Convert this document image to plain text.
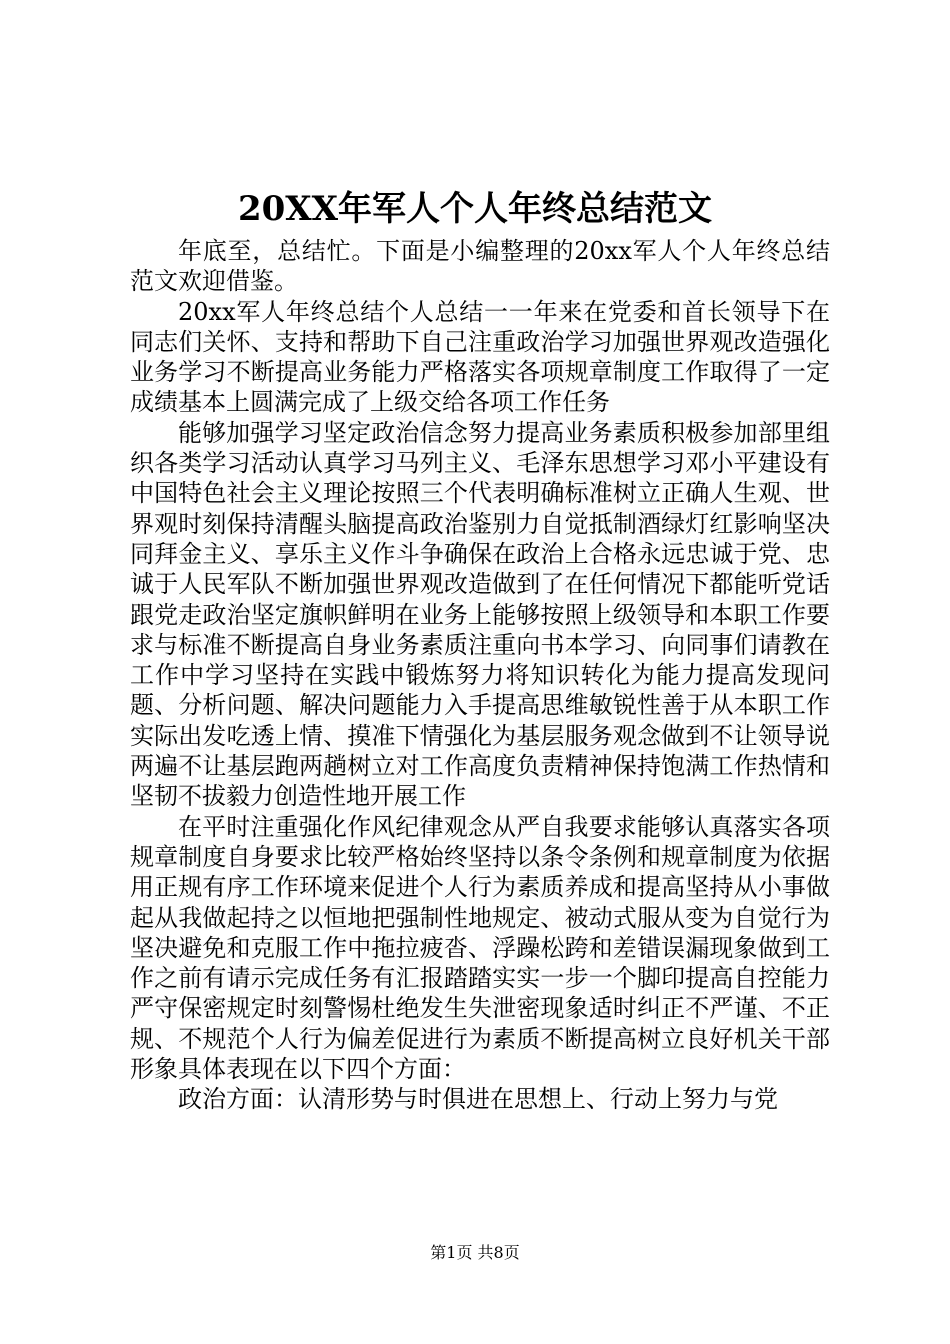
20XX年军人个人年终总结范文

年底至，总结忙。下面是小编整理的20xx军人个人年终总结范文欢迎借鉴。

20xx军人年终总结个人总结一一年来在党委和首长领导下在同志们关怀、支持和帮助下自己注重政治学习加强世界观改造强化业务学习不断提高业务能力严格落实各项规章制度工作取得了一定成绩基本上圆满完成了上级交给各项工作任务

能够加强学习坚定政治信念努力提高业务素质积极参加部里组织各类学习活动认真学习马列主义、毛泽东思想学习邓小平建设有中国特色社会主义理论按照三个代表明确标准树立正确人生观、世界观时刻保持清醒头脑提高政治鉴别力自觉抵制酒绿灯红影响坚决同拜金主义、享乐主义作斗争确保在政治上合格永远忠诚于党、忠诚于人民军队不断加强世界观改造做到了在任何情况下都能听党话跟党走政治坚定旗帜鲜明在业务上能够按照上级领导和本职工作要求与标准不断提高自身业务素质注重向书本学习、向同事们请教在工作中学习坚持在实践中锻炼努力将知识转化为能力提高发现问题、分析问题、解决问题能力入手提高思维敏锐性善于从本职工作实际出发吃透上情、摸准下情强化为基层服务观念做到不让领导说两遍不让基层跑两趟树立对工作高度负责精神保持饱满工作热情和坚韧不拔毅力创造性地开展工作

在平时注重强化作风纪律观念从严自我要求能够认真落实各项规章制度自身要求比较严格始终坚持以条令条例和规章制度为依据用正规有序工作环境来促进个人行为素质养成和提高坚持从小事做起从我做起持之以恒地把强制性地规定、被动式服从变为自觉行为坚决避免和克服工作中拖拉疲沓、浮躁松跨和差错误漏现象做到工作之前有请示完成任务有汇报踏踏实实一步一个脚印提高自控能力严守保密规定时刻警惕杜绝发生失泄密现象适时纠正不严谨、不正规、不规范个人行为偏差促进行为素质不断提高树立良好机关干部形象具体表现在以下四个方面：

政治方面：认清形势与时俱进在思想上、行动上努力与党

第1页 共8页
